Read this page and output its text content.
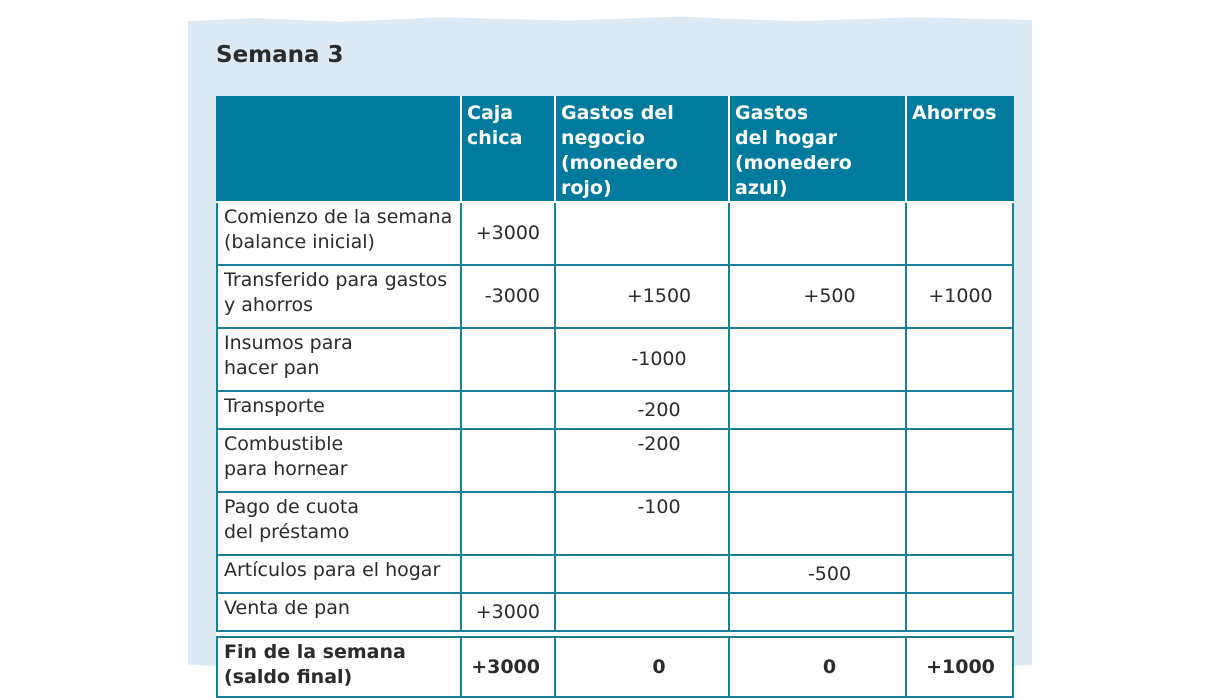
Semana 3
	Caja
chica	Gastos del
negocio
(monedero rojo)	Gastos
del hogar
(monedero azul)	Ahorros
Comienzo de la semana
(balance inicial)	+3000			
Transferido para gastos
y ahorros	-3000	+1500	+500	+1000
Insumos para
hacer pan		-1000		
Transporte		-200		
Combustible
para hornear		-200		
Pago de cuota
del préstamo		-100		
Artículos para el hogar			-500	
Venta de pan	+3000			

Fin de la semana
(saldo final)	+3000	0	0	+1000
